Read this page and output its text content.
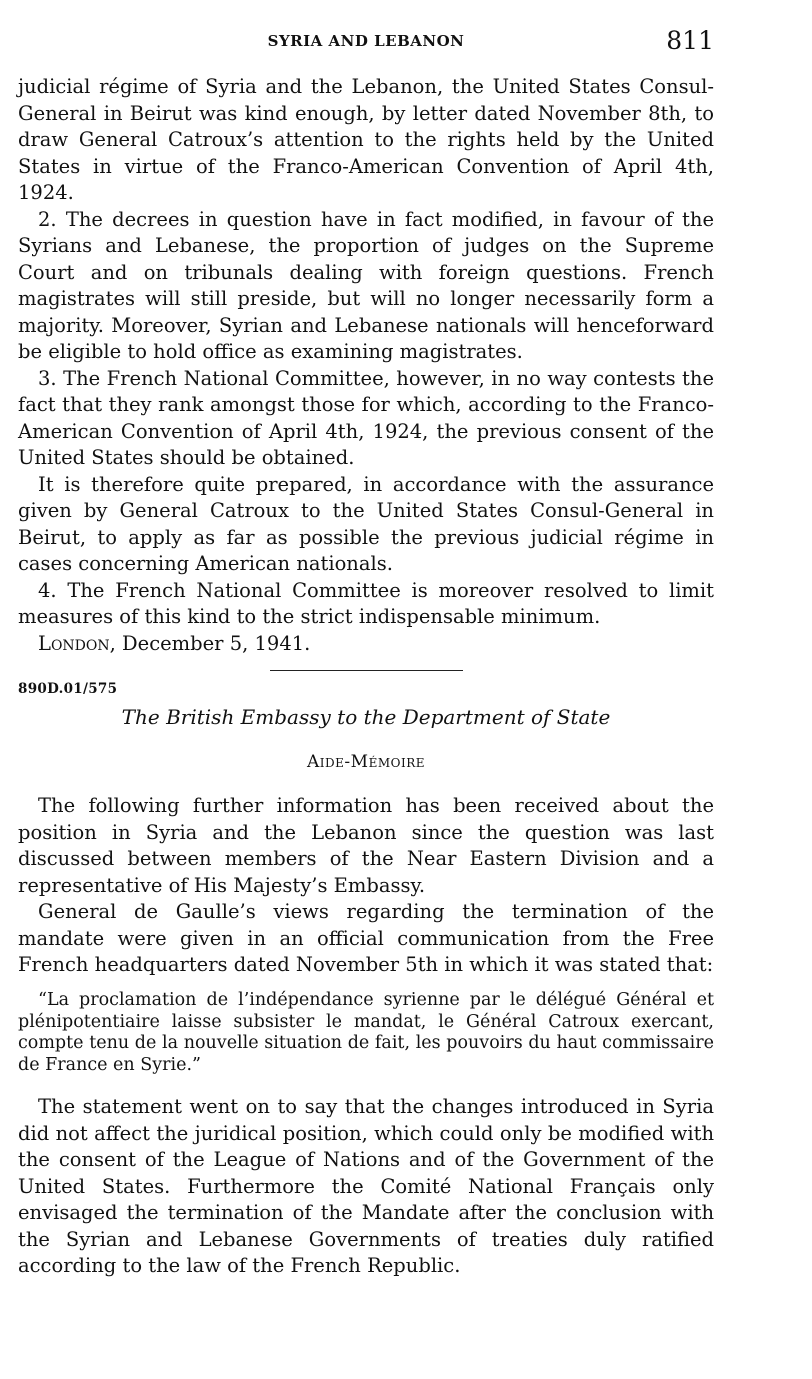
SYRIA AND LEBANON	811

judicial régime of Syria and the Lebanon, the United States Consul-General in Beirut was kind enough, by letter dated November 8th, to draw General Catroux’s attention to the rights held by the United States in virtue of the Franco-American Convention of April 4th, 1924.

2. The decrees in question have in fact modified, in favour of the Syrians and Lebanese, the proportion of judges on the Supreme Court and on tribunals dealing with foreign questions. French magistrates will still preside, but will no longer necessarily form a majority. Moreover, Syrian and Lebanese nationals will henceforward be eligible to hold office as examining magistrates.

3. The French National Committee, however, in no way contests the fact that they rank amongst those for which, according to the Franco-American Convention of April 4th, 1924, the previous consent of the United States should be obtained.

It is therefore quite prepared, in accordance with the assurance given by General Catroux to the United States Consul-General in Beirut, to apply as far as possible the previous judicial régime in cases concerning American nationals.

4. The French National Committee is moreover resolved to limit measures of this kind to the strict indispensable minimum.

London, December 5, 1941.
890D.01/575
The British Embassy to the Department of State
Aide-Mémoire

The following further information has been received about the position in Syria and the Lebanon since the question was last discussed between members of the Near Eastern Division and a representative of His Majesty’s Embassy.

General de Gaulle’s views regarding the termination of the mandate were given in an official communication from the Free French headquarters dated November 5th in which it was stated that:

“La proclamation de l’indépendance syrienne par le délégué Général et plénipotentiaire laisse subsister le mandat, le Général Catroux exercant, compte tenu de la nouvelle situation de fait, les pouvoirs du haut commissaire de France en Syrie.”

The statement went on to say that the changes introduced in Syria did not affect the juridical position, which could only be modified with the consent of the League of Nations and of the Government of the United States. Furthermore the Comité National Français only envisaged the termination of the Mandate after the conclusion with the Syrian and Lebanese Governments of treaties duly ratified according to the law of the French Republic.
